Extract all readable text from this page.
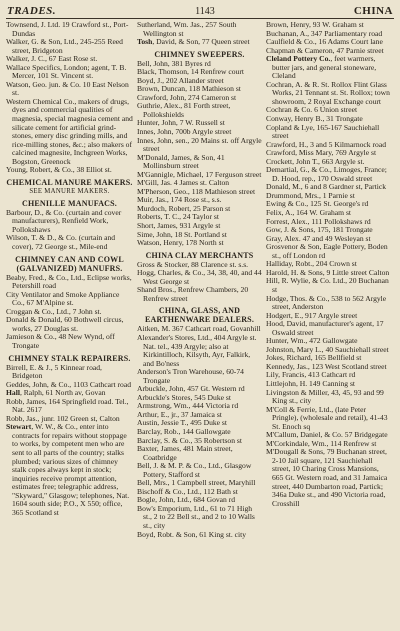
TRADES.	1143	CHINA

Townsend, J. Ltd. 19 Crawford st., Port-Dundas

Walker, G. & Son, Ltd., 245-255 Reed street, Bridgeton

Walker, J. C., 67 East Rose st.

Wallace Specifics, London; agent, T. B. Mercer, 101 St. Vincent st.

Watson, Geo. jun. & Co. 10 East Nelson st.

Western Chemical Co., makers of drugs, dyes and commercial qualities of magnesia, special magnesia cement and silicate cement for artificial grind-stones, emery disc grinding mills, and rice-milling stones, &c.; also makers of calcined magnesite, Inchgreen Works, Bogston, Greenock

Young, Robert, & Co., 38 Elliot st.

CHEMICAL MANURE MAKERS.

SEE MANURE MAKERS.

CHENILLE MANUFACS.

Barbour, D., & Co. (curtain and cover manufacturers), Renfield Work, Pollokshaws

Wilson, T. & D., & Co. (curtain and cover), 72 George st., Mile-end

CHIMNEY CAN AND COWL (GALVANIZED) MANUFRS.

Beaby, Fred., & Co., Ltd., Eclipse works, Petershill road

City Ventilator and Smoke Appliance Co., 67 M'Alpine st.

Croggan & Co., Ltd., 7 John st.

Donald & Donald, 60 Bothwell circus, works, 27 Douglas st.

Jamieson & Co., 48 New Wynd, off Trongate

CHIMNEY STALK REPAIRERS.

Birrell, E. & J., 5 Kinnear road, Bridgeton

Geddes, John, & Co., 1103 Cathcart road

Hall, Ralph, 61 North av, Govan

Robb, James, 164 Springfield road. Tel., Nat. 2617

Robb, Jas., junr. 102 Green st, Calton

Stewart, W. W., & Co., enter into contracts for repairs without stoppage to works, by competent men who are sent to all parts of the country; stalks plumbed; various sizes of chimney stalk copes always kept in stock; inquiries receive prompt attention, estimates free; telegraphic address, "Skyward," Glasgow; telephones, Nat. 1604 south side; P.O., X 550; office, 365 Scotland st

Sutherland, Wm. Jas., 257 South Wellington st

Tosh, David, & Son, 77 Queen street

CHIMNEY SWEEPERS.

Bell, John, 381 Byres rd

Black, Thomson, 14 Renfrew court

Boyd, J., 202 Allander street

Brown, Duncan, 118 Mathieson st

Crawford, John, 274 Cameron st

Guthrie, Alex., 81 Forth street, Pollokshields

Hunter, John, 7 W. Russell st

Innes, John, 700b Argyle street

Innes, John, sen., 20 Mains st. off Argyle street

M'Donald, James, & Son, 41 Mollinsburn street

M'Gannigle, Michael, 17 Ferguson street

M'Gill, Jas. 4 James st. Calton

M'Pherson, Geo., 118 Mathieson street

Muir, Jas., 174 Rose st., s.s.

Murdoch, Robert, 25 Parson st

Roberts, T. C., 24 Taylor st

Short, James, 931 Argyle st

Sime, John, 18 St. Portland st

Watson, Henry, 178 North st

CHINA CLAY MERCHANTS

Gross & Stocker, 88 Clarence st. s.s.

Hogg, Charles, & Co., 34, 38, 40, and 44 West George st

Shand Bros., Renfrew Chambers, 20 Renfrew street

CHINA, GLASS, AND EARTHENWARE DEALERS.

Aitken, M. 367 Cathcart road, Govanhill

Alexander's Stores, Ltd., 404 Argyle st. Nat. tel., 439 Argyle; also at Kirkintilloch, Kilsyth, Ayr, Falkirk, and Bo'ness

Anderson's Tron Warehouse, 60-74 Trongate

Arbuckle, John, 457 Gt. Western rd

Arbuckle's Stores, 545 Duke st

Armstrong, Wm., 444 Victoria rd

Arthur, E., jr., 37 Jamaica st

Austin, Jessie T., 495 Duke st

Barclay, Rob., 144 Gallowgate

Barclay, S. & Co., 35 Robertson st

Baxter, James, 481 Main street, Coatbridge

Bell, J. & M. P. & Co., Ltd., Glasgow Pottery, Stafford st

Bell, Mrs., 1 Campbell street, Maryhill

Bischoff & Co., Ltd., 112 Bath st

Bogle, John, Ltd., 684 Govan rd

Bow's Emporium, Ltd., 61 to 71 High st., 2 to 22 Bell st., and 2 to 10 Walls st., city

Boyd, Robt. & Son, 61 King st. city

Brown, Henry, 93 W. Graham st

Buchanan, A., 347 Parliamentary road

Caulfield & Co., 16 Adams Court lane

Chapman & Cameron, 47 Parnie street

Cleland Pottery Co., feet warmers, butter jars, and general stoneware, Cleland

Cochran, A. & R. St. Rollox Flint Glass Works, 21 Tennant st. St. Rollox; town showroom, 2 Royal Exchange court

Cochran & Co. 6 Union street

Conway, Henry B., 31 Trongate

Copland & Lye, 165-167 Sauchiehall street

Crawford, H., 3 and 5 Kilmarnock road

Crawford, Miss Mary, 769 Argyle st

Crockett, John T., 663 Argyle st.

Demartial, G., & Co., Limoges, France; D. Hood, rep., 170 Oswald street

Donald, M., 6 and 8 Gardner st, Partick

Drummond, Mrs., 1 Parnie st

Ewing & Co., 125 St. George's rd

Felix, A., 164 W. Graham st

Forrest, Alex., 111 Pollokshaws rd

Gow, J. & Sons, 175, 181 Trongate

Gray, Alex. 47 and 49 Wesleyan st

Grosvenor & Son, Eagle Pottery, Boden st., off London rd

Halliday, Robt., 204 Crown st

Harold, H. & Sons, 9 Little street Calton

Hill, R. Wylie, & Co. Ltd., 20 Buchanan st

Hodge, Thos. & Co., 538 to 562 Argyle street, Anderston

Hodgert, E., 917 Argyle street

Hood, David, manufacturer's agent, 17 Oswald street

Hunter, Wm., 472 Gallowgate

Johnston, Mary L., 40 Sauchiehall street

Jokes, Richard, 165 Bellfield st

Kennedy, Jas., 123 West Scotland street

Lily, Francis, 413 Cathcart rd

Littlejohn, H. 149 Canning st

Livingston & Miller, 43, 45, 93 and 99 King st., city

M'Coll & Ferrie, Ltd., (late Peter Pringle), (wholesale and retail), 41-43 St. Enoch sq

M'Callum, Daniel, & Co. 57 Bridgegate

M'Corkindale, Wm., 114 Renfrew st

M'Dougall & Sons, 79 Buchanan street, 2-10 Jail square, 121 Sauchiehall street, 10 Charing Cross Mansions, 665 Gt. Western road, and 31 Jamaica street, 440 Dumbarton road, Partick; 346a Duke st., and 490 Victoria road, Crosshill
